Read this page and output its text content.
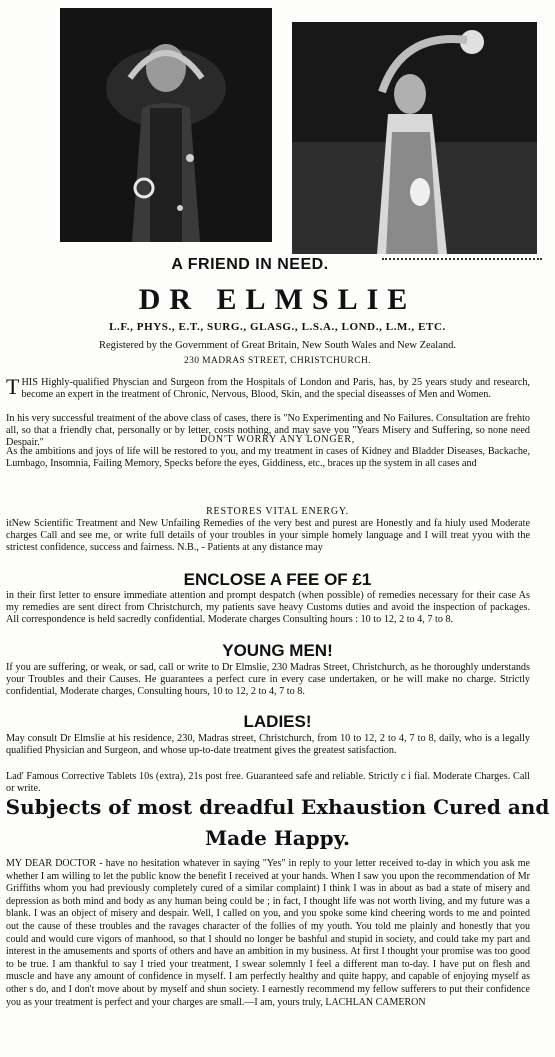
A FRIEND IN NEED.
DR ELMSLIE

L.F., PHYS., E.T., SURG., GLASG., L.S.A., LOND., L.M., ETC.

Registered by the Government of Great Britain, New South Wales and New Zealand.

230 MADRAS STREET, CHRISTCHURCH.

THIS Highly-qualified Physcian and Surgeon from the Hospitals of London and Paris, has, by 25 years study and research, become an expert in the treatment of Chronic, Nervous, Blood, Skin, and the special diseasses of Men and Women.

In his very successful treatment of the above class of cases, there is "No Experimenting and No Failures. Consultation are frehto all, so that a friendly chat, personally or by letter, costs nothing, and may save you "Years Misery and Suffering, so none need Despair."	DON'T WORRY ANY LONGER,

As the ambitions and joys of life will be restored to you, and my treatment in cases of Kidney and Bladder Diseases, Backache, Lumbago, Insomnia, Failing Memory, Specks before the eyes, Giddiness, etc., braces up the system in all cases and

RESTORES VITAL ENERGY.

itNew Scientific Treatment and New Unfailing Remedies of the very best and purest are Honestly and fa hiuly used Moderate charges Call and see me, or write full details of your troubles in your simple homely language and I will treat yyou with the strictest confidence, success and fairness. N.B., - Patients at any distance may

ENCLOSE A FEE OF £1

in their first letter to ensure immediate attention and prompt despatch (when possible) of remedies necessary for their case As my remedies are sent direct from Christchurch, my patients save heavy Customs duties and avoid the inspection of packages. All correspondence is held sacredly confidential. Moderate charges Consulting hours : 10 to 12, 2 to 4, 7 to 8.

YOUNG MEN!

If you are suffering, or weak, or sad, call or write to Dr Elmslie, 230 Madras Street, Christchurch, as he thoroughly understands your Troubles and their Causes. He guarantees a perfect cure in every case undertaken, or he will make no charge. Strictly confidential, Moderate charges, Consulting hours, 10 to 12, 2 to 4, 7 to 8.

LADIES!

May consult Dr Elmslie at his residence, 230, Madras street, Christchurch, from 10 to 12, 2 to 4, 7 to 8, daily, who is a legally qualified Physician and Surgeon, and whose up-to-date treatment gives the greatest satisfaction.

Lad' Famous Corrective Tablets 10s (extra), 21s post free. Guaranteed safe and reliable. Strictly c i fial. Moderate Charges. Call or write.

Subjects of most dreadful Exhaustion Cured and Made Happy.

MY DEAR DOCTOR - have no hesitation whatever in saying "Yes" in reply to your letter received to-day in which you ask me whether I am willing to let the public know the benefit I received at your hands. When I saw you upon the recommendation of Mr Griffiths whom you had previously completely cured of a similar complaint) I think I was in about as bad a state of misery and depression as both mind and body as any human being could be ; in fact, I thought life was not worth living, and my future was a blank. I was an object of misery and despair. Well, I called on you, and you spoke some kind cheering words to me and pointed out the cause of these troubles and the ravages character of the follies of my youth. You told me plainly and honestly that you could and would cure vigors of manhood, so that I should no longer be bashful and stupid in society, and could take my part and interest in the amusements and sports of others and have an ambition in my business. At first I thought your promise was too good to be true. I am thankful to say I tried your treatment, I swear solemnly I feel a different man to-day. I have put on flesh and muscle and have any amount of confidence in myself. I am perfectly healthy and quite happy, and capable of enjoying myself as other s do, and I don't move about by myself and shun society. I earnestly recommend my fellow sufferers to put their confidence you as your treatment is perfect and your charges are small.—I am, yours truly, LACHLAN CAMERON
